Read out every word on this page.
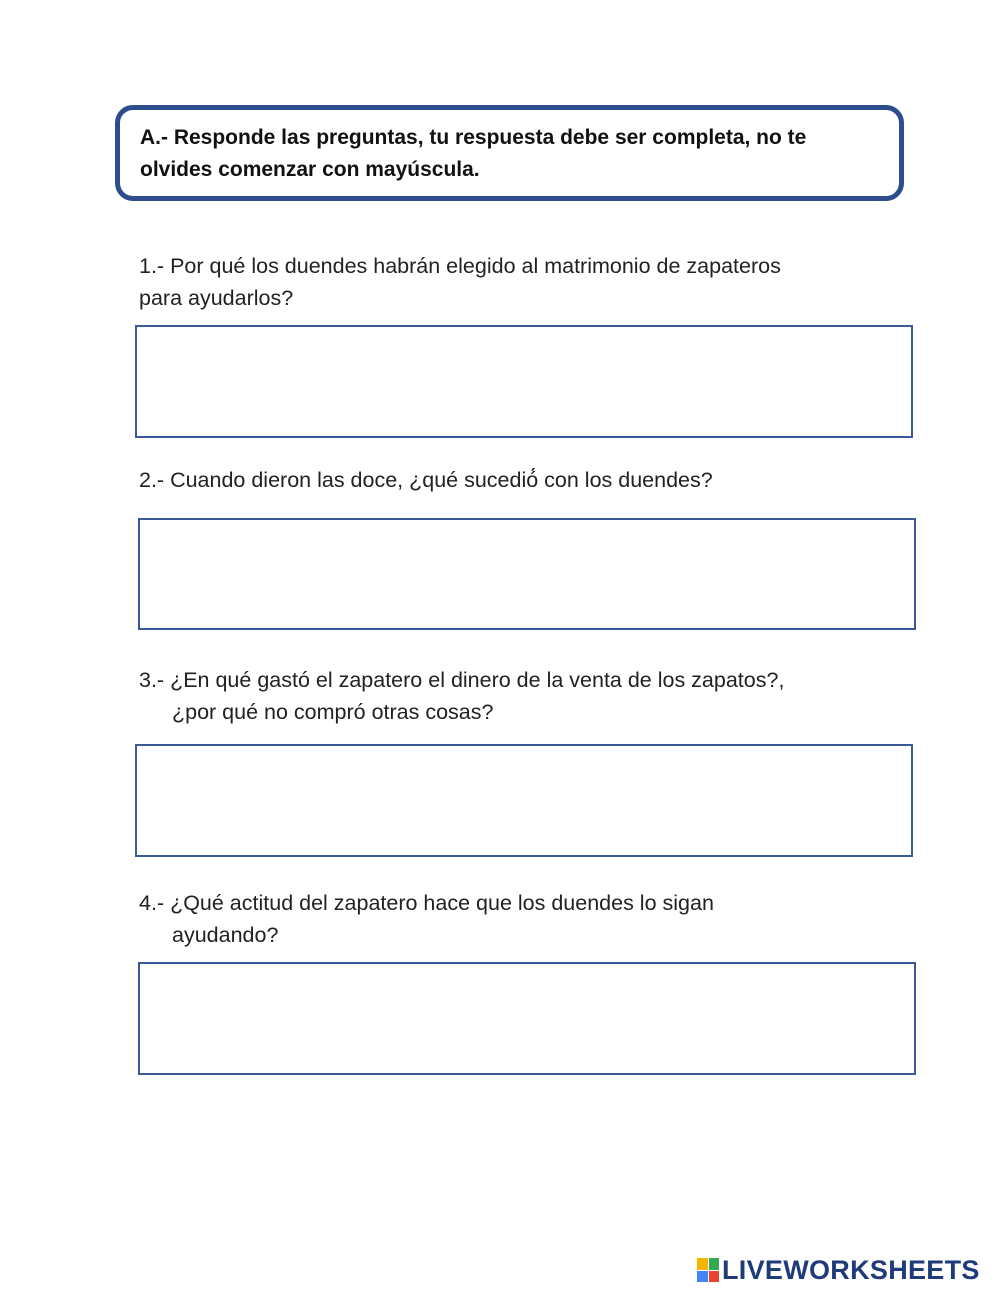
A.- Responde las preguntas, tu respuesta debe ser completa, no te
olvides comenzar con mayúscula.

1.- Por qué los duendes habrán elegido al matrimonio de zapateros
para ayudarlos?

2.- Cuando dieron las doce, ¿qué sucedió́ con los duendes?

3.- ¿En qué gastó el zapatero el dinero de la venta de los zapatos?,
¿por qué no compró otras cosas?

4.- ¿Qué actitud del zapatero hace que los duendes lo sigan
ayudando?

LIVEWORKSHEETS
